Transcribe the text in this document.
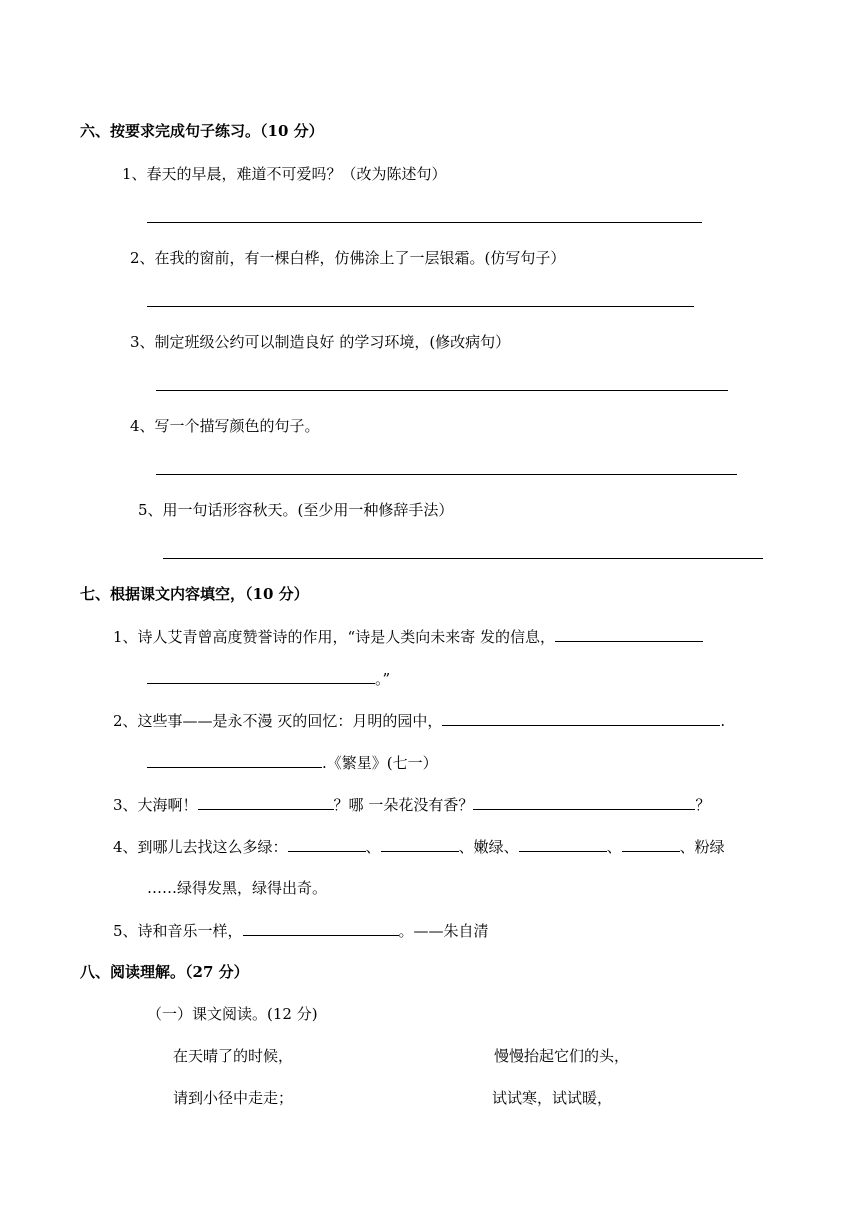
六、按要求完成句子练习。（10 分）
1、春天的早晨，难道不可爱吗？（改为陈述句）
2、在我的窗前，有一棵白桦，仿佛涂上了一层银霜。(仿写句子）
3、制定班级公约可以制造良好 的学习环境，(修改病句）
4、写一个描写颜色的句子。
5、用一句话形容秋天。(至少用一种修辞手法）
七、根据课文内容填空，（10 分）
1、诗人艾青曾高度赞誉诗的作用，“诗是人类向未来寄 发的信息，
。”
2、这些事——是永不漫 灭的回忆：月明的园中，	.
.《繁星》(七一）
3、大海啊！	？哪 一朵花没有香？	？
4、到哪儿去找这么多绿：	、	、嫩绿、	、	、粉绿
……绿得发黑，绿得出奇。
5、诗和音乐一样，	。——朱自清
八、阅读理解。（27 分）
（一）课文阅读。(12 分)
在天晴了的时候，	慢慢抬起它们的头，
请到小径中走走；	试试寒，试试暖，
